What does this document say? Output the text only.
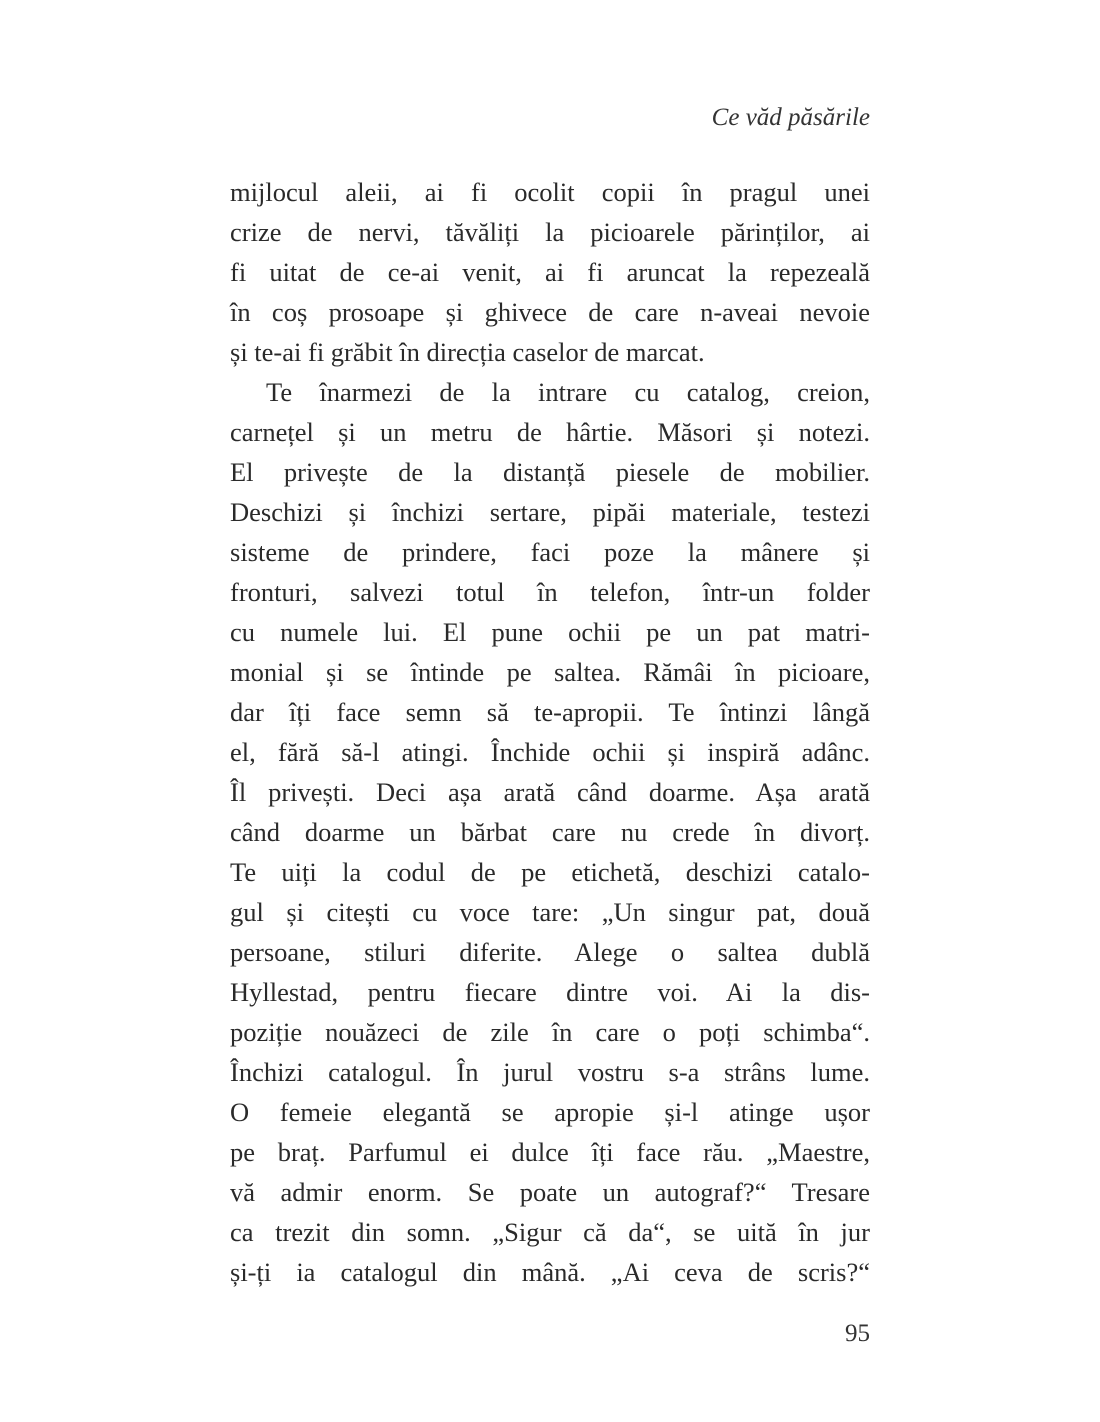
Ce văd păsările
mijlocul aleii, ai fi ocolit copii în pragul unei
crize de nervi, tăvăliți la picioarele părinților, ai
fi uitat de ce-ai venit, ai fi aruncat la repezeală
în coș prosoape și ghivece de care n-aveai nevoie
și te-ai fi grăbit în direcția caselor de marcat.
Te înarmezi de la intrare cu catalog, creion,
carnețel și un metru de hârtie. Măsori și notezi.
El privește de la distanță piesele de mobilier.
Deschizi și închizi sertare, pipăi materiale, testezi
sisteme de prindere, faci poze la mânere și
fronturi, salvezi totul în telefon, într-un folder
cu numele lui. El pune ochii pe un pat matri-
monial și se întinde pe saltea. Rămâi în picioare,
dar îți face semn să te-apropii. Te întinzi lângă
el, fără să-l atingi. Închide ochii și inspiră adânc.
Îl privești. Deci așa arată când doarme. Așa arată
când doarme un bărbat care nu crede în divorț.
Te uiți la codul de pe etichetă, deschizi catalo-
gul și citești cu voce tare: „Un singur pat, două
persoane, stiluri diferite. Alege o saltea dublă
Hyllestad, pentru fiecare dintre voi. Ai la dis-
poziție nouăzeci de zile în care o poți schimba“.
Închizi catalogul. În jurul vostru s-a strâns lume.
O femeie elegantă se apropie și-l atinge ușor
pe braț. Parfumul ei dulce îți face rău. „Maestre,
vă admir enorm. Se poate un autograf?“ Tresare
ca trezit din somn. „Sigur că da“, se uită în jur
și-ți ia catalogul din mână. „Ai ceva de scris?“
95
